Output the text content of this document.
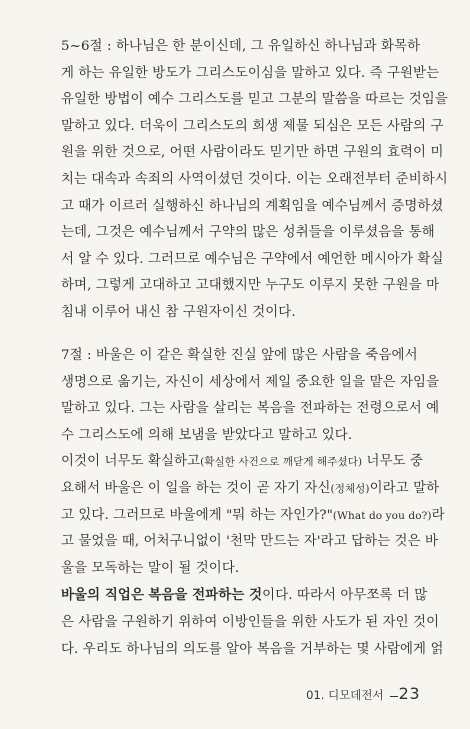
5~6절 : 하나님은 한 분이신데, 그 유일하신 하나님과 화목하
게 하는 유일한 방도가 그리스도이심을 말하고 있다. 즉 구원받는
유일한 방법이 예수 그리스도를 믿고 그분의 말씀을 따르는 것임을
말하고 있다. 더욱이 그리스도의 희생 제물 되심은 모든 사람의 구
원을 위한 것으로, 어떤 사람이라도 믿기만 하면 구원의 효력이 미
치는 대속과 속죄의 사역이셨던 것이다. 이는 오래전부터 준비하시
고 때가 이르러 실행하신 하나님의 계획임을 예수님께서 증명하셨
는데, 그것은 예수님께서 구약의 많은 성취들을 이루셨음을 통해
서 알 수 있다. 그러므로 예수님은 구약에서 예언한 메시아가 확실
하며, 그렇게 고대하고 고대했지만 누구도 이루지 못한 구원을 마
침내 이루어 내신 참 구원자이신 것이다.

7절 : 바울은 이 같은 확실한 진실 앞에 많은 사람을 죽음에서
생명으로 옮기는, 자신이 세상에서 제일 중요한 일을 맡은 자임을
말하고 있다. 그는 사람을 살리는 복음을 전파하는 전령으로서 예
수 그리스도에 의해 보냄을 받았다고 말하고 있다.

이것이 너무도 확실하고(확실한 사건으로 깨닫게 해주셨다) 너무도 중
요해서 바울은 이 일을 하는 것이 곧 자기 자신(정체성)이라고 말하
고 있다. 그러므로 바울에게 "뭐 하는 자인가?"(What do you do?)라
고 물었을 때, 어처구니없이 '천막 만드는 자'라고 답하는 것은 바
울을 모독하는 말이 될 것이다.

바울의 직업은 복음을 전파하는 것이다. 따라서 아무쪼록 더 많
은 사람을 구원하기 위하여 이방인들을 위한 사도가 된 자인 것이
다. 우리도 하나님의 의도를 알아 복음을 거부하는 몇 사람에게 얽

01. 디모데전서 23
